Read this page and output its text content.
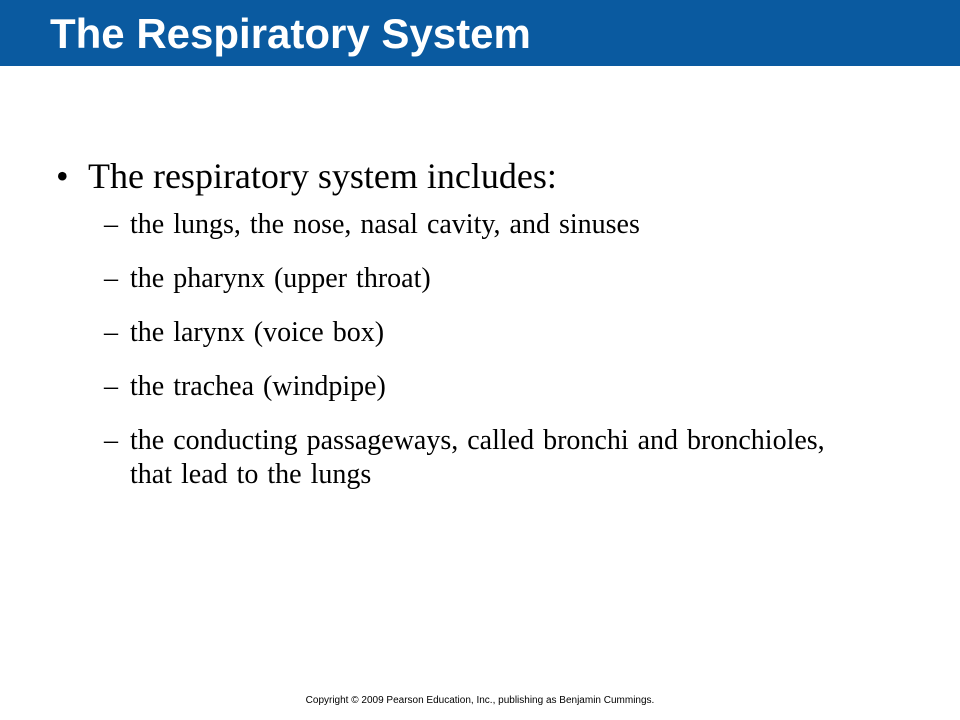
The Respiratory System
• The respiratory system includes:
– the lungs, the nose, nasal cavity, and sinuses
– the pharynx (upper throat)
– the larynx (voice box)
– the trachea (windpipe)
– the conducting passageways, called bronchi and bronchioles, that lead to the lungs
Copyright © 2009 Pearson Education, Inc., publishing as Benjamin Cummings.
